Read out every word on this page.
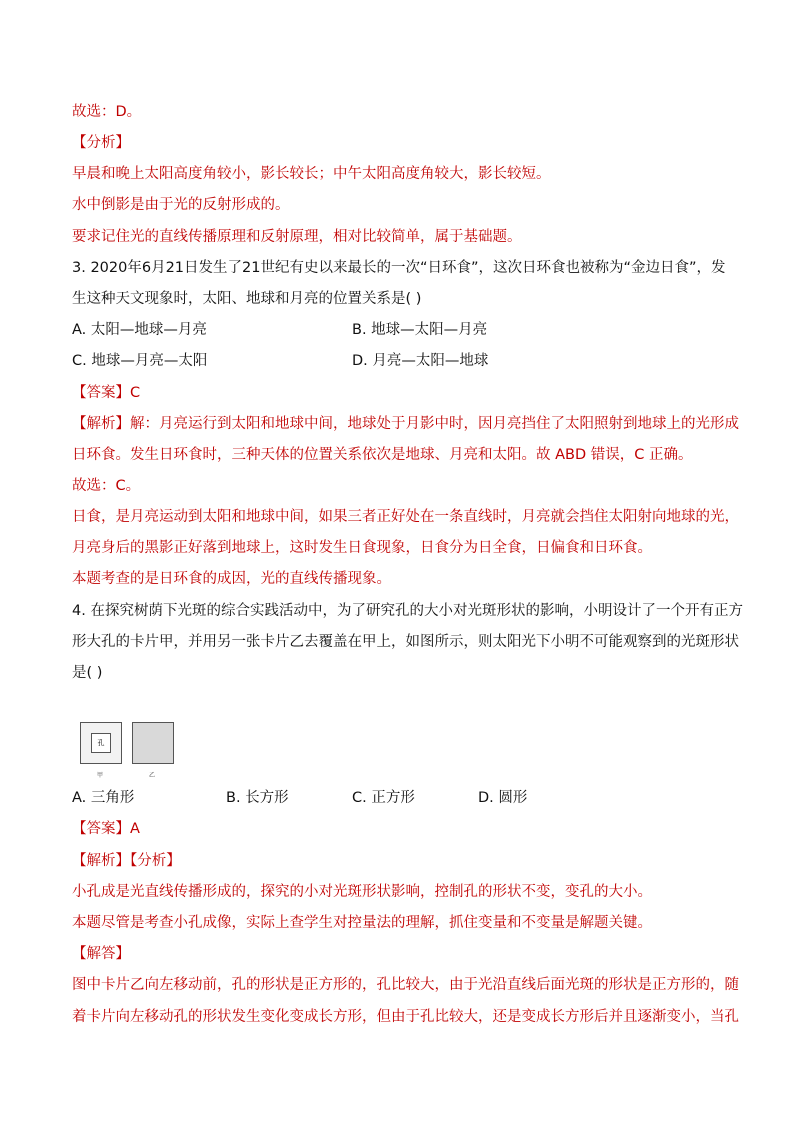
故选：D。
【分析】
早晨和晚上太阳高度角较小，影长较长；中午太阳高度角较大，影长较短。
水中倒影是由于光的反射形成的。
要求记住光的直线传播原理和反射原理，相对比较简单，属于基础题。
3. 2020年6月21日发生了21世纪有史以来最长的一次“日环食”，这次日环食也被称为“金边日食”，发
生这种天文现象时，太阳、地球和月亮的位置关系是( )
A. 太阳—地球—月亮	B. 地球—太阳—月亮
C. 地球—月亮—太阳	D. 月亮—太阳—地球
【答案】C
【解析】解：月亮运行到太阳和地球中间，地球处于月影中时，因月亮挡住了太阳照射到地球上的光形成
日环食。发生日环食时，三种天体的位置关系依次是地球、月亮和太阳。故 ABD 错误，C 正确。
故选：C。
日食，是月亮运动到太阳和地球中间，如果三者正好处在一条直线时，月亮就会挡住太阳射向地球的光，
月亮身后的黑影正好落到地球上，这时发生日食现象，日食分为日全食，日偏食和日环食。
本题考查的是日环食的成因，光的直线传播现象。
4. 在探究树荫下光斑的综合实践活动中，为了研究孔的大小对光斑形状的影响，小明设计了一个开有正方
形大孔的卡片甲，并用另一张卡片乙去覆盖在甲上，如图所示，则太阳光下小明不可能观察到的光斑形状
是( )
孔
甲	乙
A. 三角形	B. 长方形	C. 正方形	D. 圆形
【答案】A
【解析】【分析】
小孔成是光直线传播形成的，探究的小对光斑形状影响，控制孔的形状不变，变孔的大小。
本题尽管是考查小孔成像，实际上查学生对控量法的理解，抓住变量和不变量是解题关键。
【解答】
图中卡片乙向左移动前，孔的形状是正方形的，孔比较大，由于光沿直线后面光斑的形状是正方形的，随
着卡片向左移动孔的形状发生变化变成长方形，但由于孔比较大，还是变成长方形后并且逐渐变小，当孔
